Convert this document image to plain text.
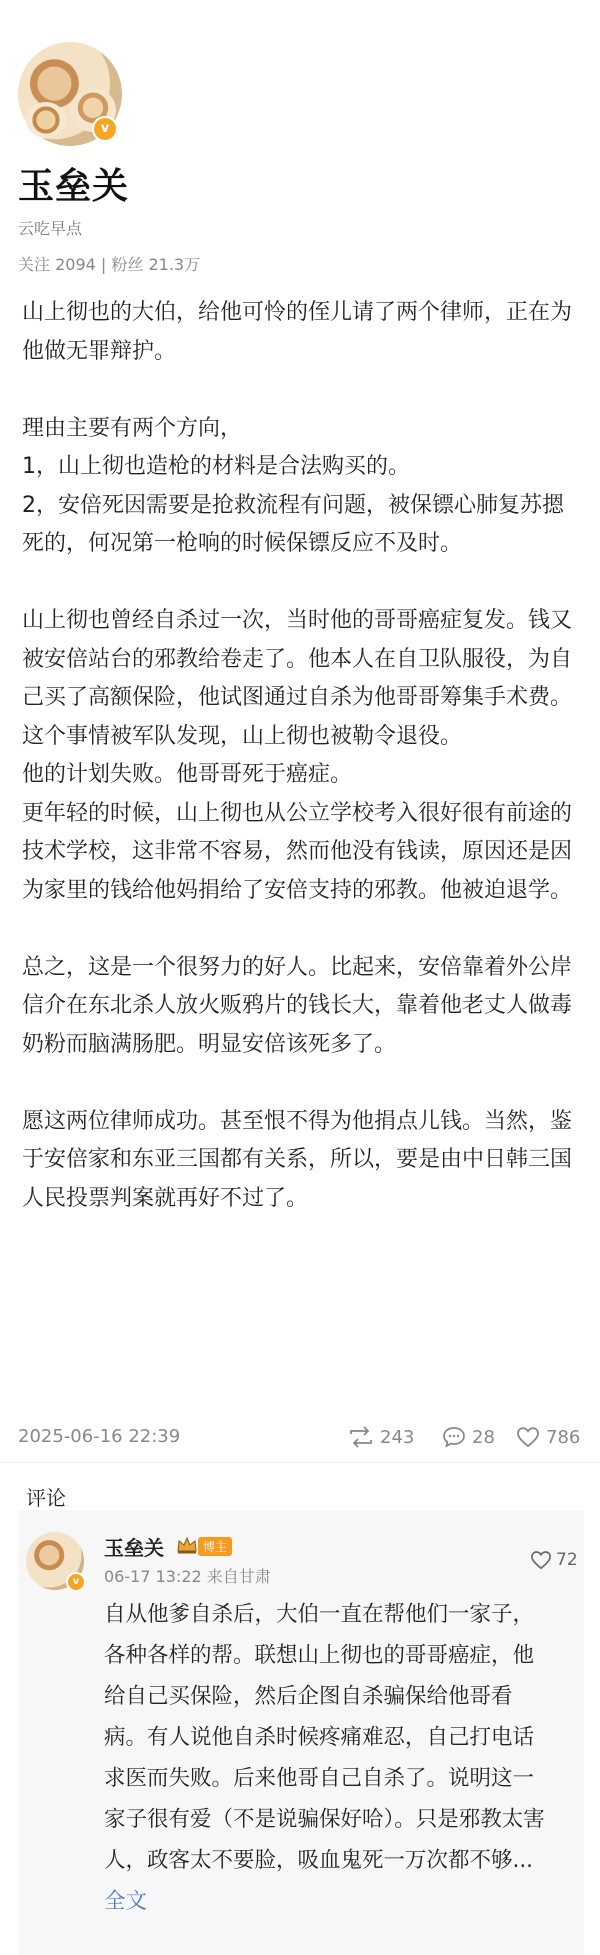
v
玉垒关
云吃早点
关注 2094 | 粉丝 21.3万

山上彻也的大伯，给他可怜的侄儿请了两个律师，正在为他做无罪辩护。

理由主要有两个方向，

1，山上彻也造枪的材料是合法购买的。

2，安倍死因需要是抢救流程有问题，被保镖心肺复苏摁死的，何况第一枪响的时候保镖反应不及时。

山上彻也曾经自杀过一次，当时他的哥哥癌症复发。钱又被安倍站台的邪教给卷走了。他本人在自卫队服役，为自己买了高额保险，他试图通过自杀为他哥哥筹集手术费。这个事情被军队发现，山上彻也被勒令退役。

他的计划失败。他哥哥死于癌症。

更年轻的时候，山上彻也从公立学校考入很好很有前途的技术学校，这非常不容易，然而他没有钱读，原因还是因为家里的钱给他妈捐给了安倍支持的邪教。他被迫退学。

总之，这是一个很努力的好人。比起来，安倍靠着外公岸信介在东北杀人放火贩鸦片的钱长大，靠着他老丈人做毒奶粉而脑满肠肥。明显安倍该死多了。

愿这两位律师成功。甚至恨不得为他捐点儿钱。当然，鉴于安倍家和东亚三国都有关系，所以，要是由中日韩三国人民投票判案就再好不过了。

2025-06-16 22:39	243	28	786
评论
v
玉垒关	博主
06-17 13:22 来自甘肃
72
自从他爹自杀后，大伯一直在帮他们一家子，各种各样的帮。联想山上彻也的哥哥癌症，他给自己买保险，然后企图自杀骗保给他哥看病。有人说他自杀时候疼痛难忍，自己打电话求医而失败。后来他哥自己自杀了。说明这一家子很有爱（不是说骗保好哈）。只是邪教太害人，政客太不要脸，吸血鬼死一万次都不够...全文
